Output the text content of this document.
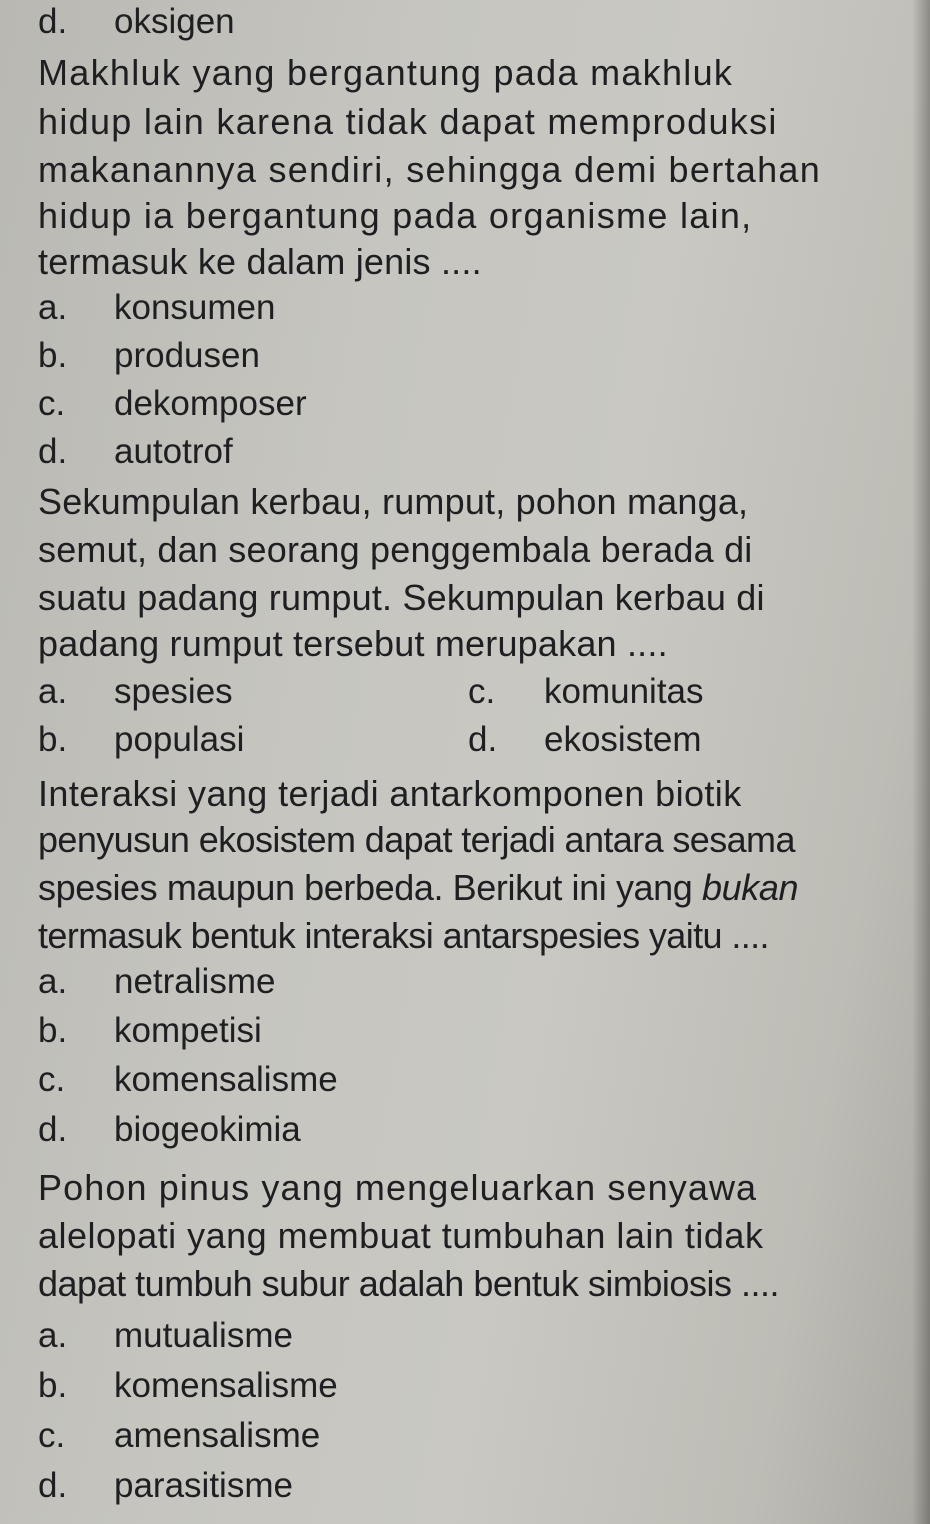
d. oksigen
Makhluk yang bergantung pada makhluk
hidup lain karena tidak dapat memproduksi
makanannya sendiri, sehingga demi bertahan
hidup ia bergantung pada organisme lain,
termasuk ke dalam jenis ....
a. konsumen
b. produsen
c. dekomposer
d. autotrof
Sekumpulan kerbau, rumput, pohon manga,
semut, dan seorang penggembala berada di
suatu padang rumput. Sekumpulan kerbau di
padang rumput tersebut merupakan ....
a. spesies
b. populasi
c. komunitas
d. ekosistem
Interaksi yang terjadi antarkomponen biotik
penyusun ekosistem dapat terjadi antara sesama
spesies maupun berbeda. Berikut ini yang bukan
termasuk bentuk interaksi antarspesies yaitu ....
a. netralisme
b. kompetisi
c. komensalisme
d. biogeokimia
Pohon pinus yang mengeluarkan senyawa
alelopati yang membuat tumbuhan lain tidak
dapat tumbuh subur adalah bentuk simbiosis ....
a. mutualisme
b. komensalisme
c. amensalisme
d. parasitisme
